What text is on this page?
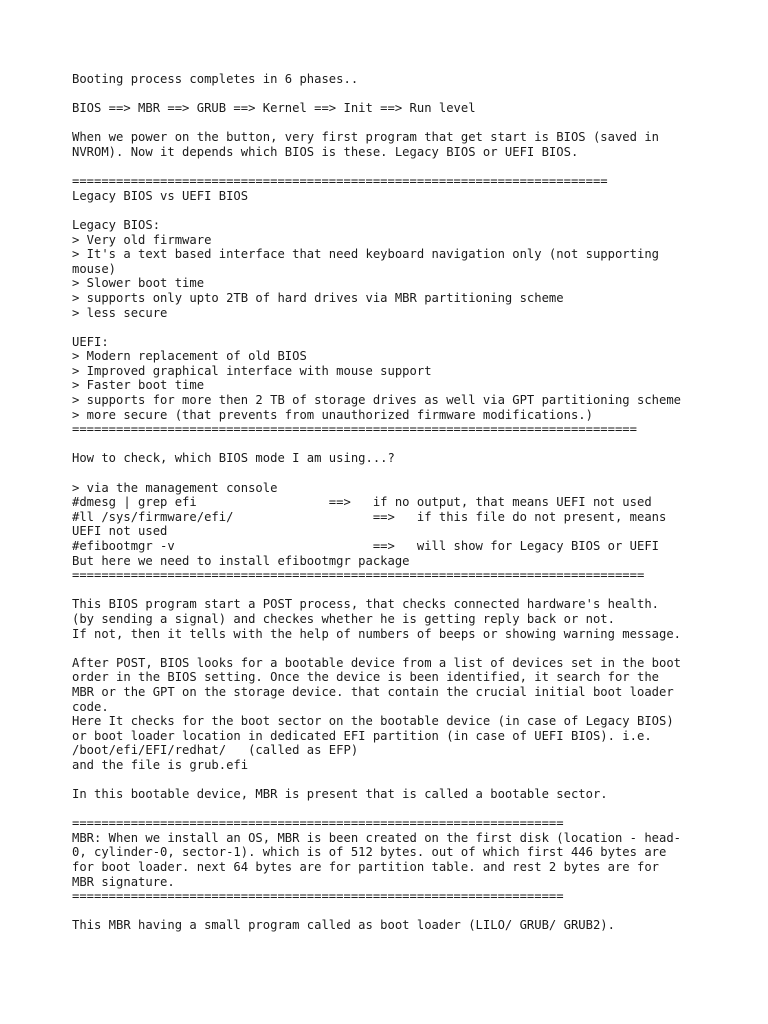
Booting process completes in 6 phases..
BIOS ==> MBR ==> GRUB ==> Kernel ==> Init ==> Run level
When we power on the button, very first program that get start is BIOS (saved in
NVROM). Now it depends which BIOS is these. Legacy BIOS or UEFI BIOS.
=========================================================================
Legacy BIOS vs UEFI BIOS
Legacy BIOS:
> Very old firmware
> It's a text based interface that need keyboard navigation only (not supporting
mouse)
> Slower boot time
> supports only upto 2TB of hard drives via MBR partitioning scheme
> less secure
UEFI:
> Modern replacement of old BIOS
> Improved graphical interface with mouse support
> Faster boot time
> supports for more then 2 TB of storage drives as well via GPT partitioning scheme
> more secure (that prevents from unauthorized firmware modifications.)
=============================================================================
How to check, which BIOS mode I am using...?
> via the management console
#dmesg | grep efi                  ==>   if no output, that means UEFI not used
#ll /sys/firmware/efi/                   ==>   if this file do not present, means
UEFI not used
#efibootmgr -v                           ==>   will show for Legacy BIOS or UEFI
But here we need to install efibootmgr package
==============================================================================
This BIOS program start a POST process, that checks connected hardware's health.
(by sending a signal) and checkes whether he is getting reply back or not.
If not, then it tells with the help of numbers of beeps or showing warning message.
After POST, BIOS looks for a bootable device from a list of devices set in the boot
order in the BIOS setting. Once the device is been identified, it search for the
MBR or the GPT on the storage device. that contain the crucial initial boot loader
code.
Here It checks for the boot sector on the bootable device (in case of Legacy BIOS)
or boot loader location in dedicated EFI partition (in case of UEFI BIOS). i.e.
/boot/efi/EFI/redhat/   (called as EFP)
and the file is grub.efi
In this bootable device, MBR is present that is called a bootable sector.
===================================================================
MBR: When we install an OS, MBR is been created on the first disk (location - head-
0, cylinder-0, sector-1). which is of 512 bytes. out of which first 446 bytes are
for boot loader. next 64 bytes are for partition table. and rest 2 bytes are for
MBR signature.
===================================================================
This MBR having a small program called as boot loader (LILO/ GRUB/ GRUB2).
